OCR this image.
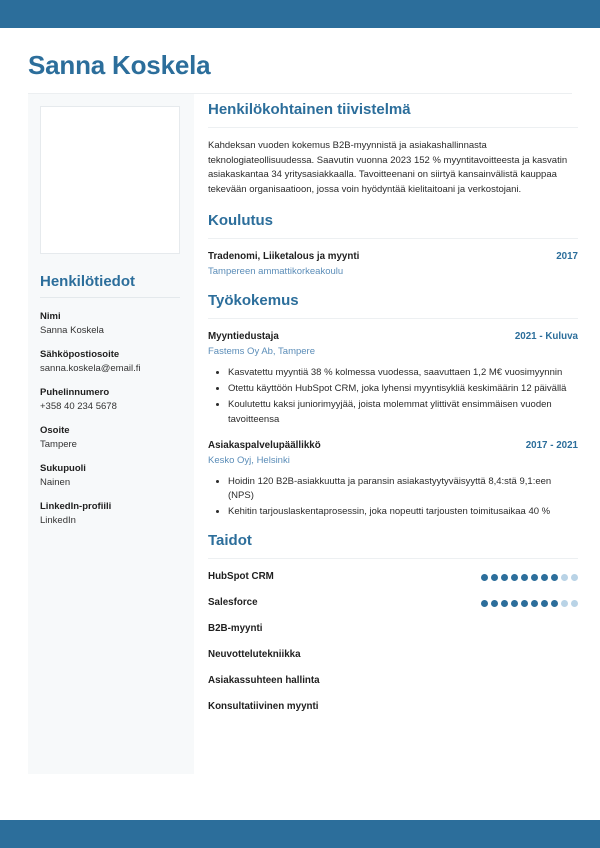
Sanna Koskela
Henkilötiedot
Nimi
Sanna Koskela
Sähköpostiosoite
sanna.koskela@email.fi
Puhelinnumero
+358 40 234 5678
Osoite
Tampere
Sukupuoli
Nainen
LinkedIn-profiili
LinkedIn
Henkilökohtainen tiivistelmä

Kahdeksan vuoden kokemus B2B-myynnistä ja asiakashallinnasta teknologiateollisuudessa. Saavutin vuonna 2023 152 % myyntitavoitteesta ja kasvatin asiakaskantaa 34 yritysasiakkaalla. Tavoitteenani on siirtyä kansainvälistä kauppaa tekevään organisaatioon, jossa voin hyödyntää kielitaitoani ja verkostojani.

Koulutus
Tradenomi, Liiketalous ja myynti	2017
Tampereen ammattikorkeakoulu
Työkokemus
Myyntiedustaja	2021 - Kuluva
Fastems Oy Ab, Tampere
• Kasvatettu myyntiä 38 % kolmessa vuodessa, saavuttaen 1,2 M€ vuosimyynnin
• Otettu käyttöön HubSpot CRM, joka lyhensi myyntisykliä keskimäärin 12 päivällä
• Koulutettu kaksi juniorimyyjää, joista molemmat ylittivät ensimmäisen vuoden tavoitteensa
Asiakaspalvelupäällikkö	2017 - 2021
Kesko Oyj, Helsinki
• Hoidin 120 B2B-asiakkuutta ja paransin asiakastyytyväisyyttä 8,4:stä 9,1:een (NPS)
• Kehitin tarjouslaskentaprosessin, joka nopeutti tarjousten toimitusaikaa 40 %
Taidot
HubSpot CRM
Salesforce
B2B-myynti
Neuvottelutekniikka
Asiakassuhteen hallinta
Konsultatiivinen myynti
